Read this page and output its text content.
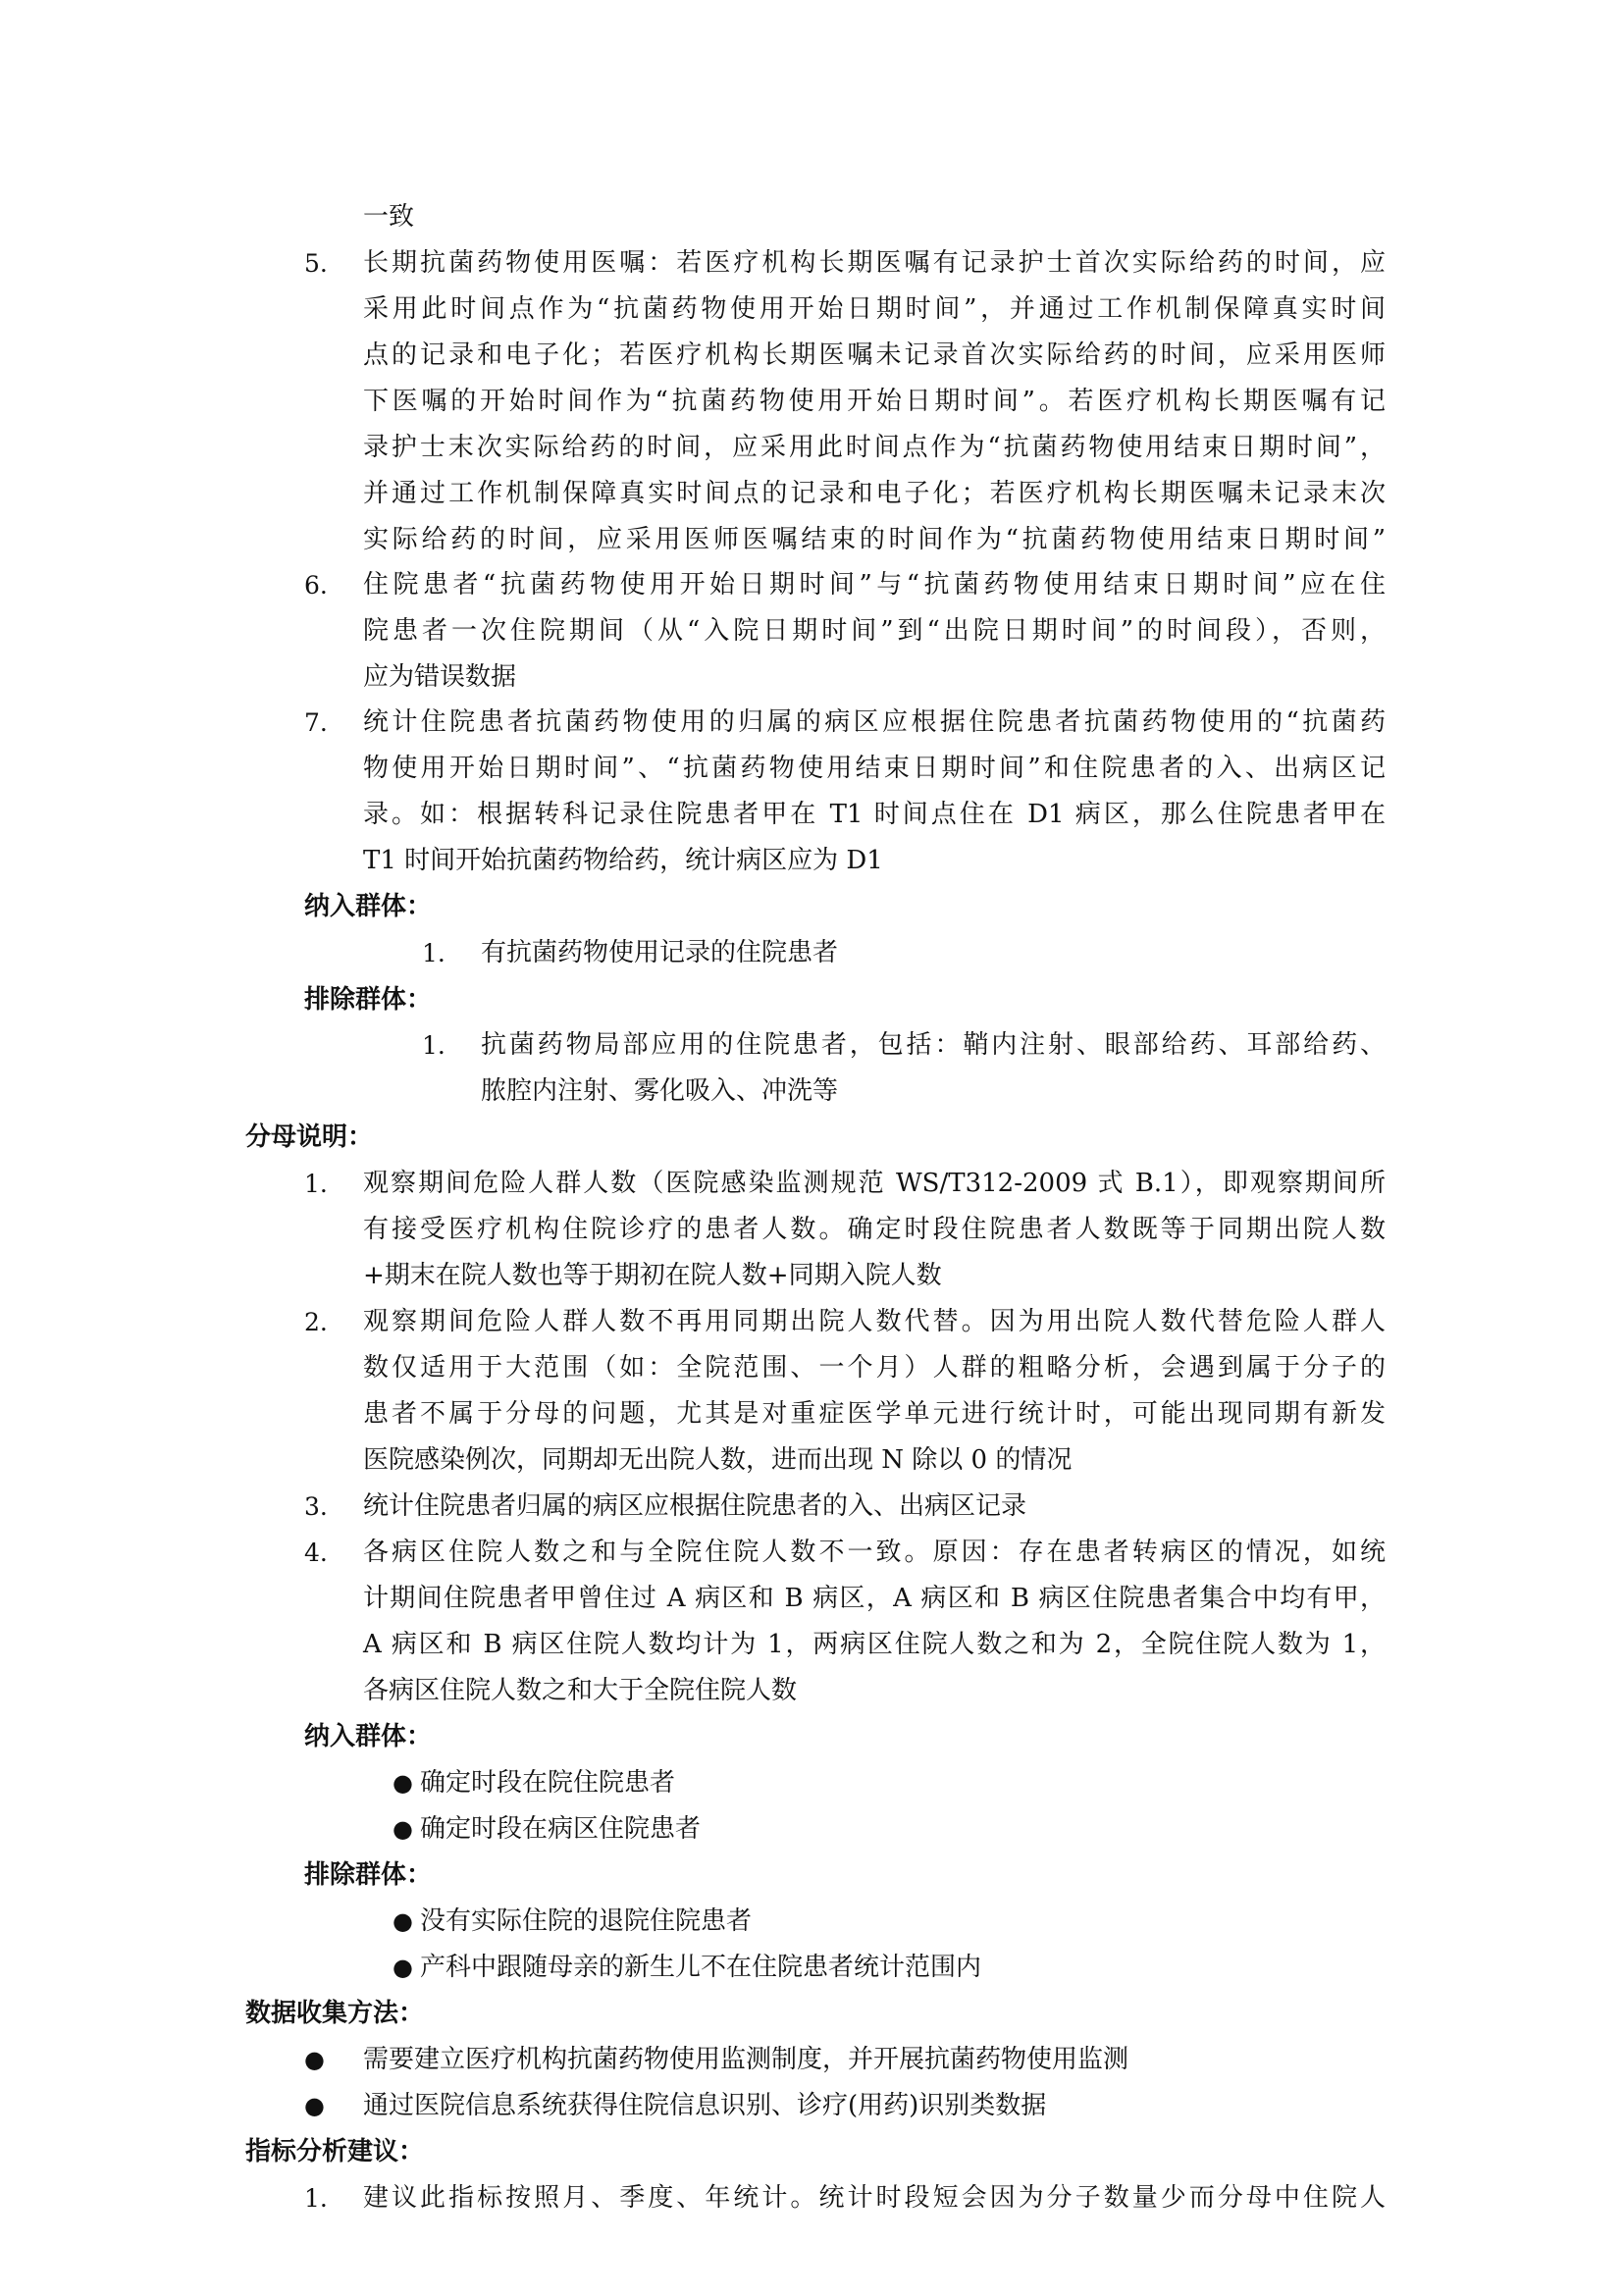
一致
5. 长期抗菌药物使用医嘱：若医疗机构长期医嘱有记录护士首次实际给药的时间，应
采用此时间点作为“抗菌药物使用开始日期时间”，并通过工作机制保障真实时间
点的记录和电子化；若医疗机构长期医嘱未记录首次实际给药的时间，应采用医师
下医嘱的开始时间作为“抗菌药物使用开始日期时间”。若医疗机构长期医嘱有记
录护士末次实际给药的时间，应采用此时间点作为“抗菌药物使用结束日期时间”，
并通过工作机制保障真实时间点的记录和电子化；若医疗机构长期医嘱未记录末次
实际给药的时间，应采用医师医嘱结束的时间作为“抗菌药物使用结束日期时间”
6. 住院患者“抗菌药物使用开始日期时间”与“抗菌药物使用结束日期时间”应在住
院患者一次住院期间（从“入院日期时间”到“出院日期时间”的时间段），否则，
应为错误数据
7. 统计住院患者抗菌药物使用的归属的病区应根据住院患者抗菌药物使用的“抗菌药
物使用开始日期时间”、“抗菌药物使用结束日期时间”和住院患者的入、出病区记
录。如：根据转科记录住院患者甲在 T1 时间点住在 D1 病区，那么住院患者甲在
T1 时间开始抗菌药物给药，统计病区应为 D1
纳入群体：
1. 有抗菌药物使用记录的住院患者
排除群体：
1. 抗菌药物局部应用的住院患者，包括：鞘内注射、眼部给药、耳部给药、
脓腔内注射、雾化吸入、冲洗等
分母说明：
1. 观察期间危险人群人数（医院感染监测规范 WS/T312-2009 式 B.1），即观察期间所
有接受医疗机构住院诊疗的患者人数。确定时段住院患者人数既等于同期出院人数
+期末在院人数也等于期初在院人数+同期入院人数
2. 观察期间危险人群人数不再用同期出院人数代替。因为用出院人数代替危险人群人
数仅适用于大范围（如：全院范围、一个月）人群的粗略分析，会遇到属于分子的
患者不属于分母的问题，尤其是对重症医学单元进行统计时，可能出现同期有新发
医院感染例次，同期却无出院人数，进而出现 N 除以 0 的情况
3. 统计住院患者归属的病区应根据住院患者的入、出病区记录
4. 各病区住院人数之和与全院住院人数不一致。原因：存在患者转病区的情况，如统
计期间住院患者甲曾住过 A 病区和 B 病区，A 病区和 B 病区住院患者集合中均有甲，
A 病区和 B 病区住院人数均计为 1，两病区住院人数之和为 2，全院住院人数为 1，
各病区住院人数之和大于全院住院人数
纳入群体：
● 确定时段在院住院患者
● 确定时段在病区住院患者
排除群体：
● 没有实际住院的退院住院患者
● 产科中跟随母亲的新生儿不在住院患者统计范围内
数据收集方法：
● 需要建立医疗机构抗菌药物使用监测制度，并开展抗菌药物使用监测
● 通过医院信息系统获得住院信息识别、诊疗(用药)识别类数据
指标分析建议：
1. 建议此指标按照月、季度、年统计。统计时段短会因为分子数量少而分母中住院人
